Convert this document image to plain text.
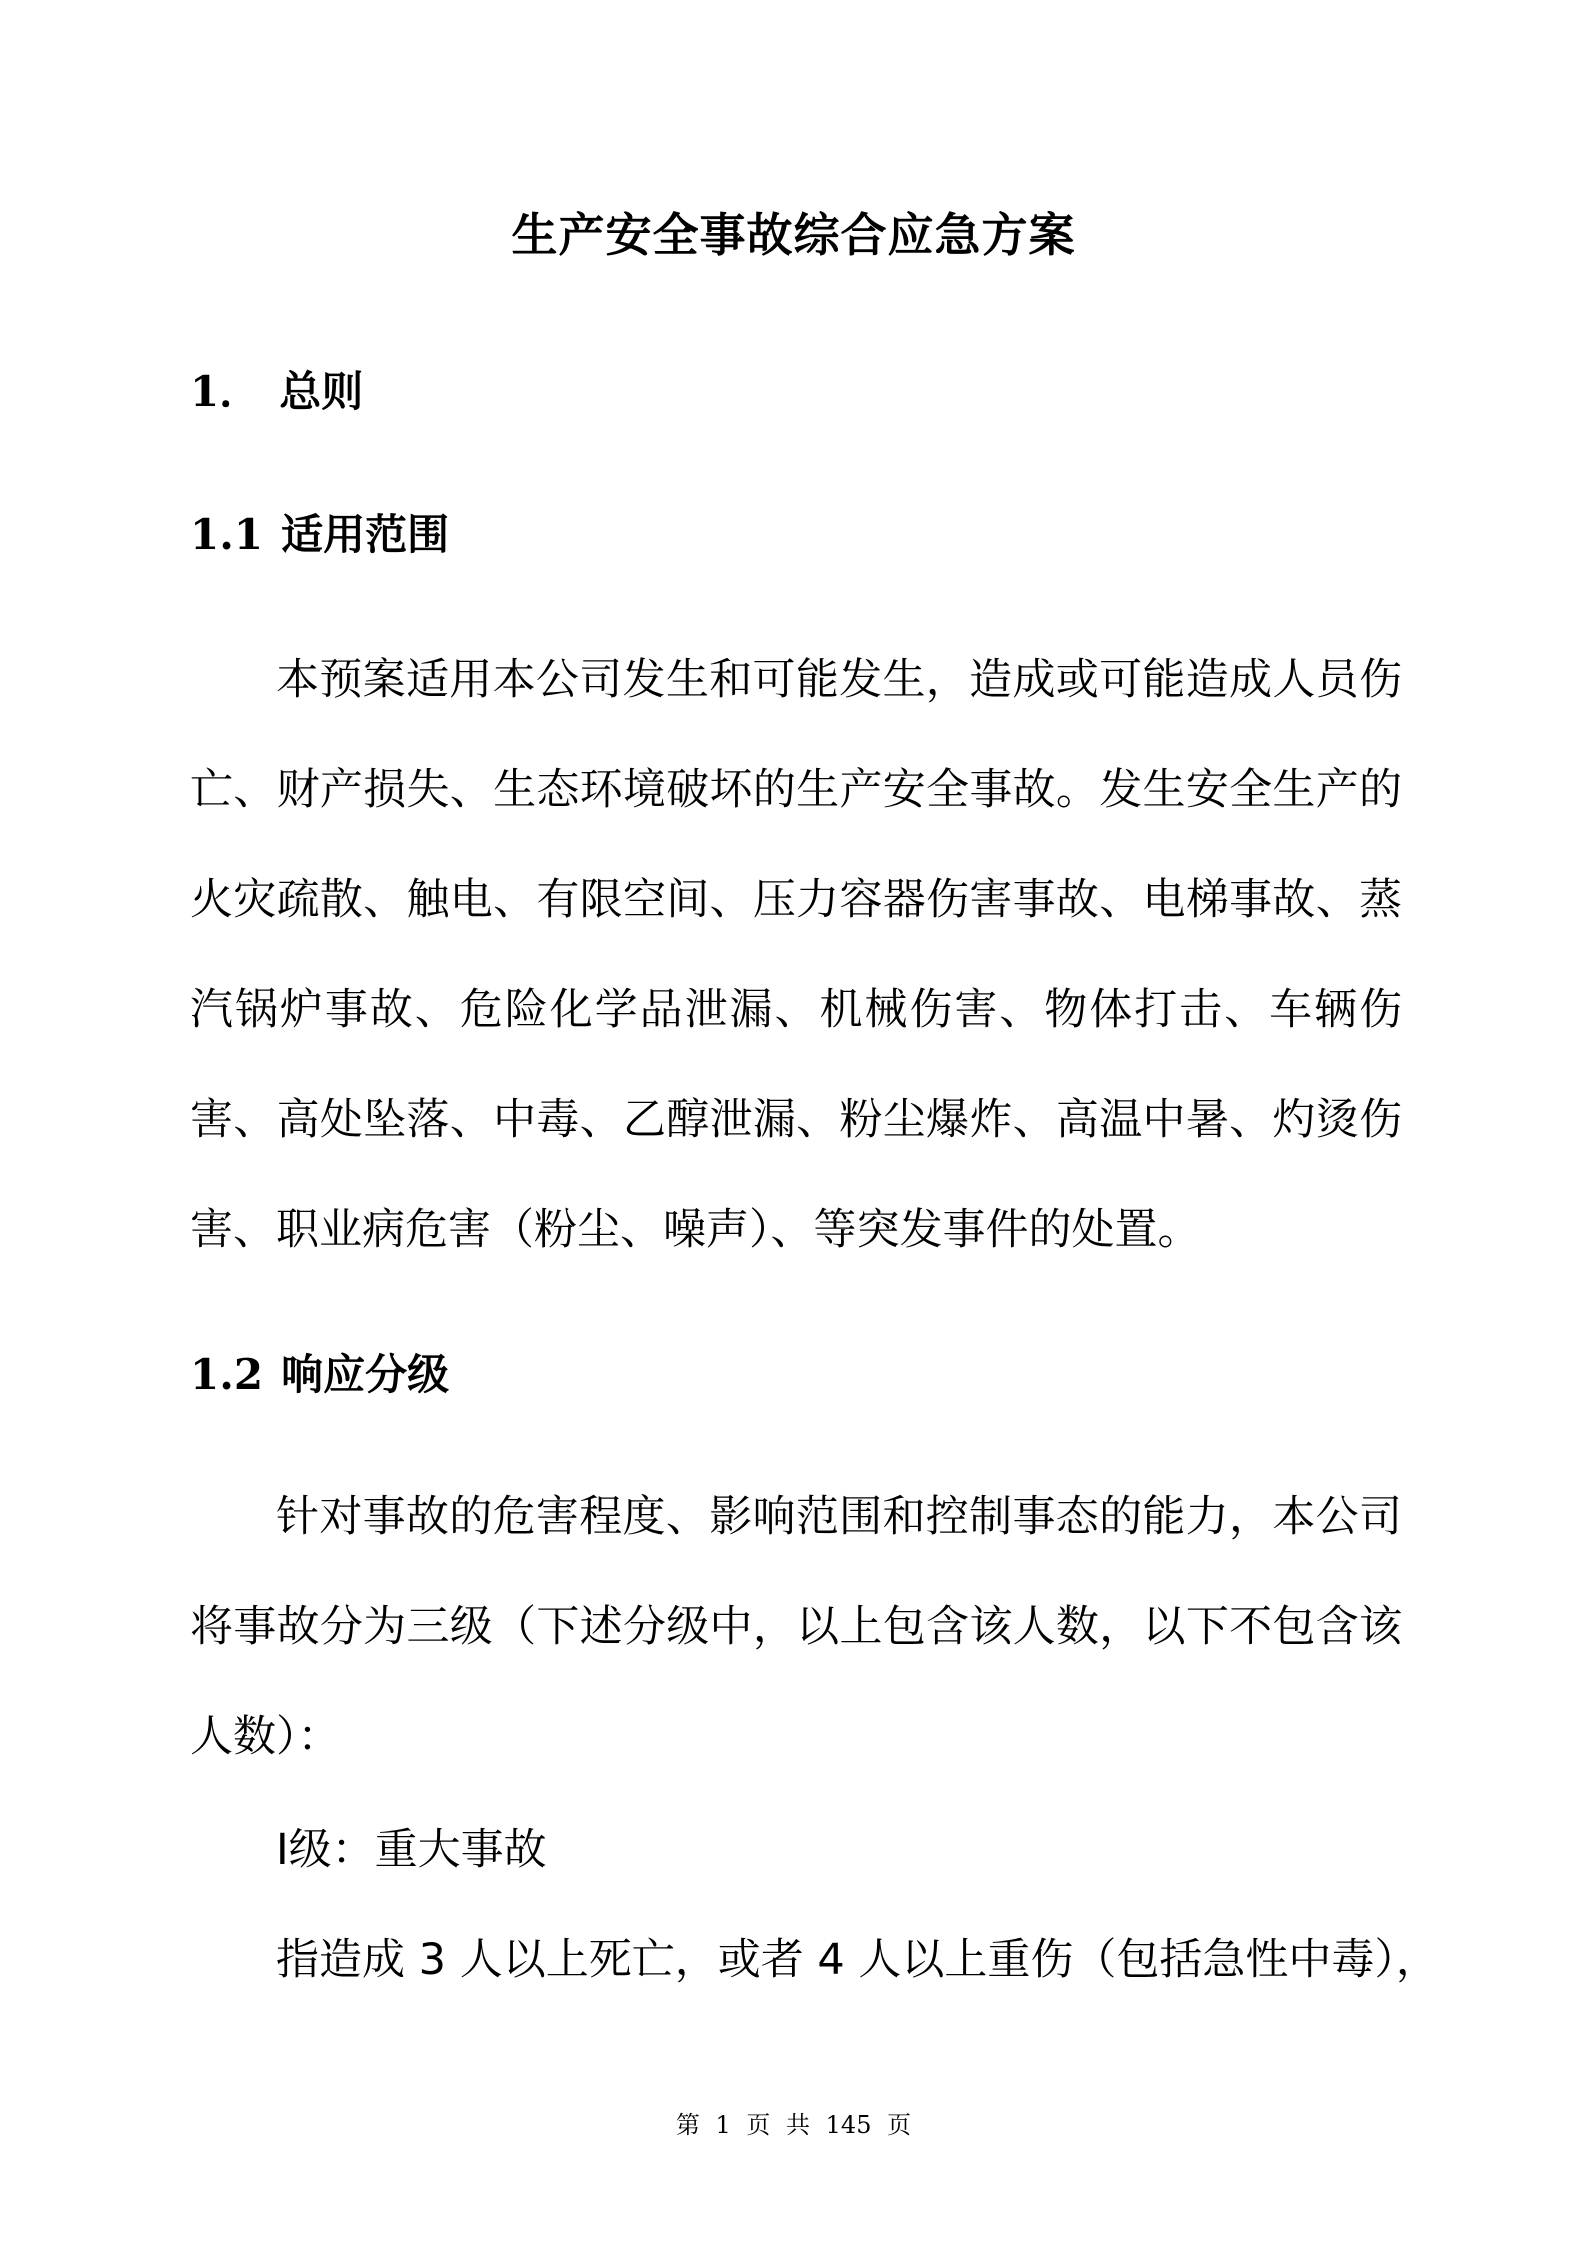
生产安全事故综合应急方案
1． 总则
1.1 适用范围

本预案适用本公司发生和可能发生，造成或可能造成人员伤亡、财产损失、生态环境破坏的生产安全事故。发生安全生产的火灾疏散、触电、有限空间、压力容器伤害事故、电梯事故、蒸汽锅炉事故、危险化学品泄漏、机械伤害、物体打击、车辆伤害、高处坠落、中毒、乙醇泄漏、粉尘爆炸、高温中暑、灼烫伤害、职业病危害（粉尘、噪声）、等突发事件的处置。

1.2 响应分级

针对事故的危害程度、影响范围和控制事态的能力，本公司将事故分为三级（下述分级中，以上包含该人数，以下不包含该人数）：

I级：重大事故

指造成 3 人以上死亡，或者 4 人以上重伤（包括急性中毒），

第 1 页 共 145 页
